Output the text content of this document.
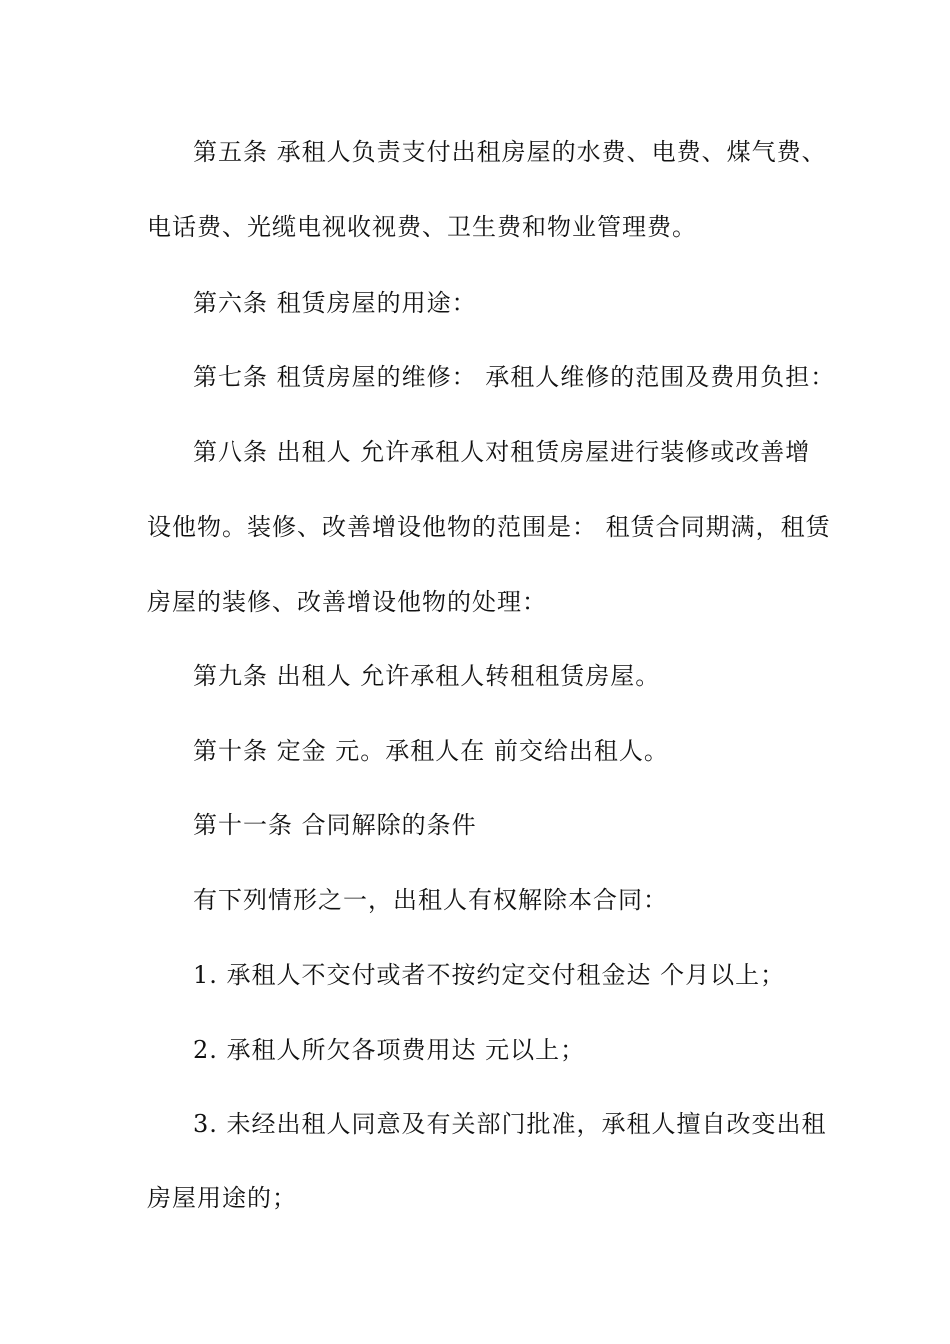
第五条 承租人负责支付出租房屋的水费、电费、煤气费、
电话费、光缆电视收视费、卫生费和物业管理费。
第六条 租赁房屋的用途：
第七条 租赁房屋的维修： 承租人维修的范围及费用负担：
第八条 出租人 允许承租人对租赁房屋进行装修或改善增
设他物。装修、改善增设他物的范围是： 租赁合同期满，租赁
房屋的装修、改善增设他物的处理：
第九条 出租人 允许承租人转租租赁房屋。
第十条 定金 元。承租人在 前交给出租人。
第十一条 合同解除的条件
有下列情形之一，出租人有权解除本合同：
1. 承租人不交付或者不按约定交付租金达 个月以上；
2. 承租人所欠各项费用达 元以上；
3. 未经出租人同意及有关部门批准，承租人擅自改变出租
房屋用途的；
